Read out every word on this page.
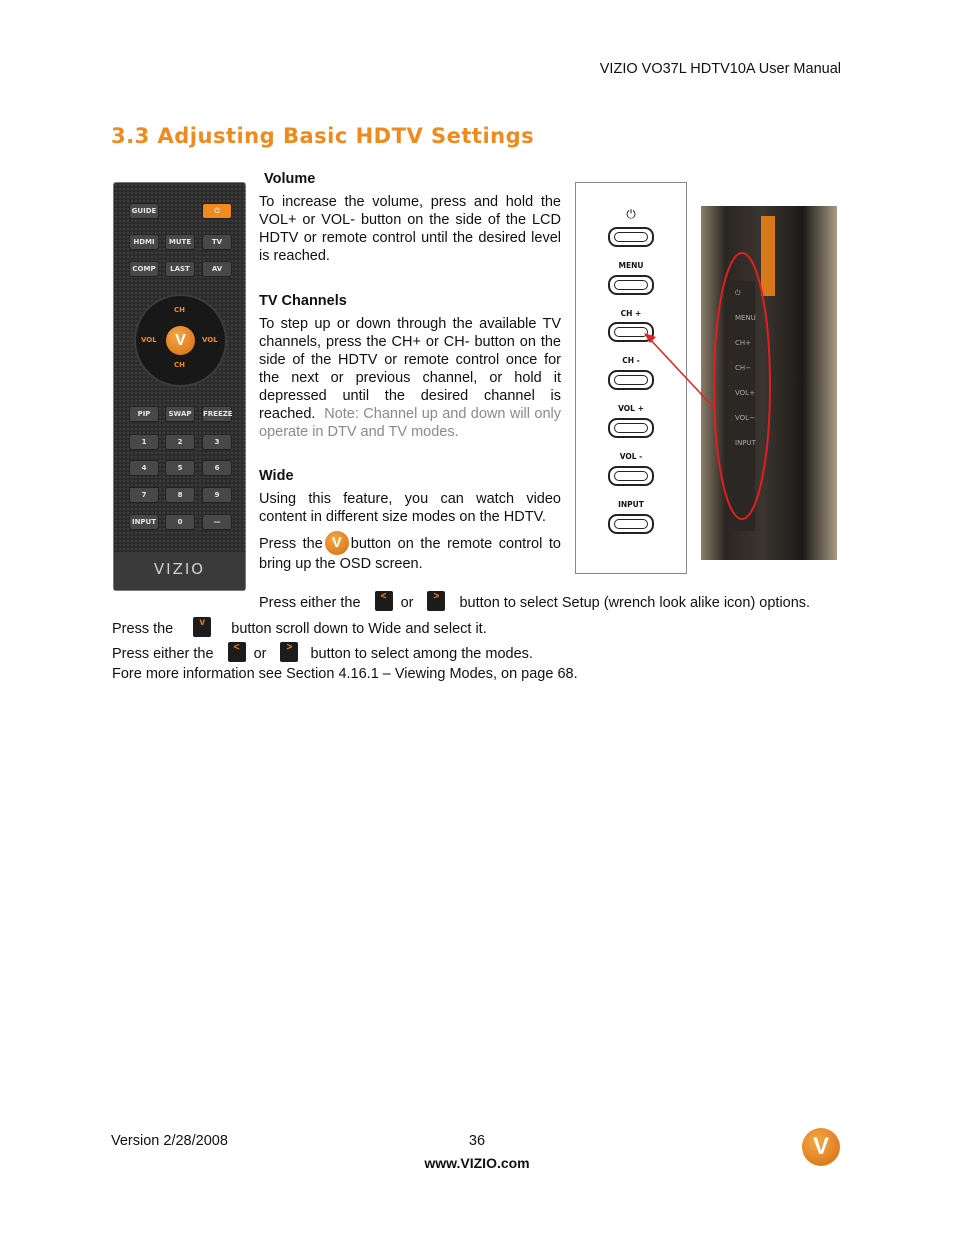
VIZIO VO37L HDTV10A User Manual
3.3 Adjusting Basic HDTV Settings
GUIDE	⏻
HDMI	MUTE	TV
COMP	LAST	AV
CH
CH
VOL	VOL
V
PIP	SWAP	FREEZE
1	2	3
4	5	6
7	8	9
INPUT	0	—
VIZIO

Volume

To increase the volume, press and hold the VOL+ or VOL- button on the side of the LCD HDTV or remote control until the desired level is reached.

TV Channels

To step up or down through the available TV channels, press the CH+ or CH- button on the side of the HDTV or remote control once for the next or previous channel, or hold it depressed until the desired channel is reached. Note: Channel up and down will only operate in DTV and TV modes.

Wide

Using this feature, you can watch video content in different size modes on the HDTV.

Press the V button on the remote control to bring up the OSD screen.

Press either the	< or	>	button to select Setup (wrench look alike icon) options.
Press the	v	button scroll down to Wide and select it.
Press either the	< or	>	button to select among the modes.
Fore more information see Section 4.16.1 – Viewing Modes, on page 68.
⏻
MENU
CH +
CH -
VOL +
VOL -
INPUT
⏻
MENU
CH+
CH−
VOL+
VOL−
INPUT
Version 2/28/2008	36
www.VIZIO.com
V
